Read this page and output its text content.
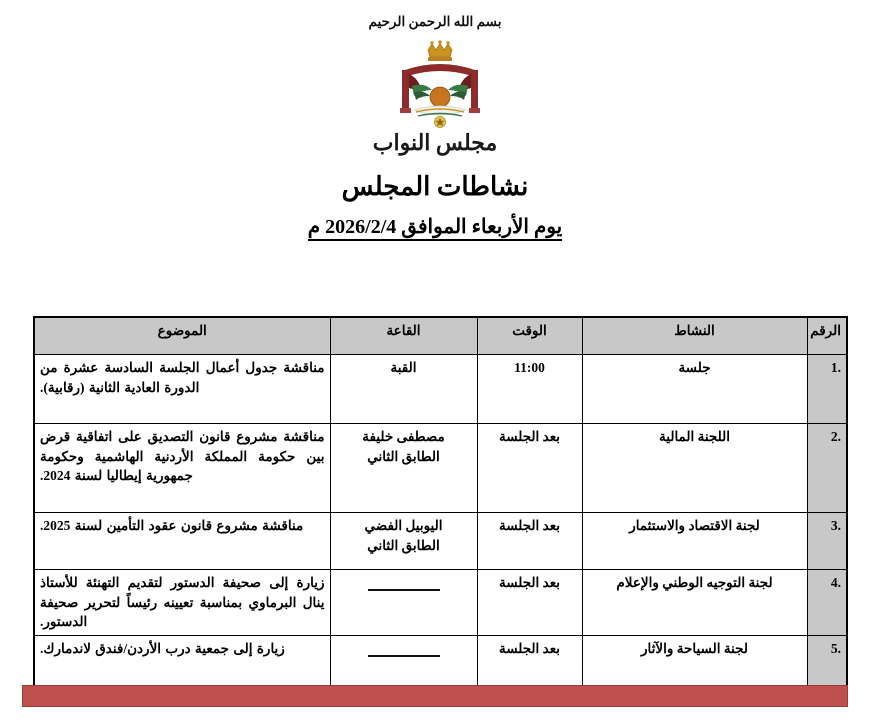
بسم الله الرحمن الرحيم
مجلس النواب
نشاطات المجلس
يوم الأربعاء الموافق 2026/2/4 م
الرقم	النشاط	الوقت	القاعة	الموضوع
1.	جلسة	11:00	القبة	مناقشة جدول أعمال الجلسة السادسة عشرة من الدورة العادية الثانية (رقابية).
2.	اللجنة المالية	بعد الجلسة	مصطفى خليفة
الطابق الثاني	مناقشة مشروع قانون التصديق على اتفاقية قرض بين حكومة المملكة الأردنية الهاشمية وحكومة جمهورية إيطاليا لسنة 2024.
3.	لجنة الاقتصاد والاستثمار	بعد الجلسة	اليوبيل الفضي
الطابق الثاني	مناقشة مشروع قانون عقود التأمين لسنة 2025.
4.	لجنة التوجيه الوطني والإعلام	بعد الجلسة		زيارة إلى صحيفة الدستور لتقديم التهنئة للأستاذ ينال البرماوي بمناسبة تعيينه رئيساً لتحرير صحيفة الدستور.
5.	لجنة السياحة والآثار	بعد الجلسة		زيارة إلى جمعية درب الأردن/فندق لاندمارك.
